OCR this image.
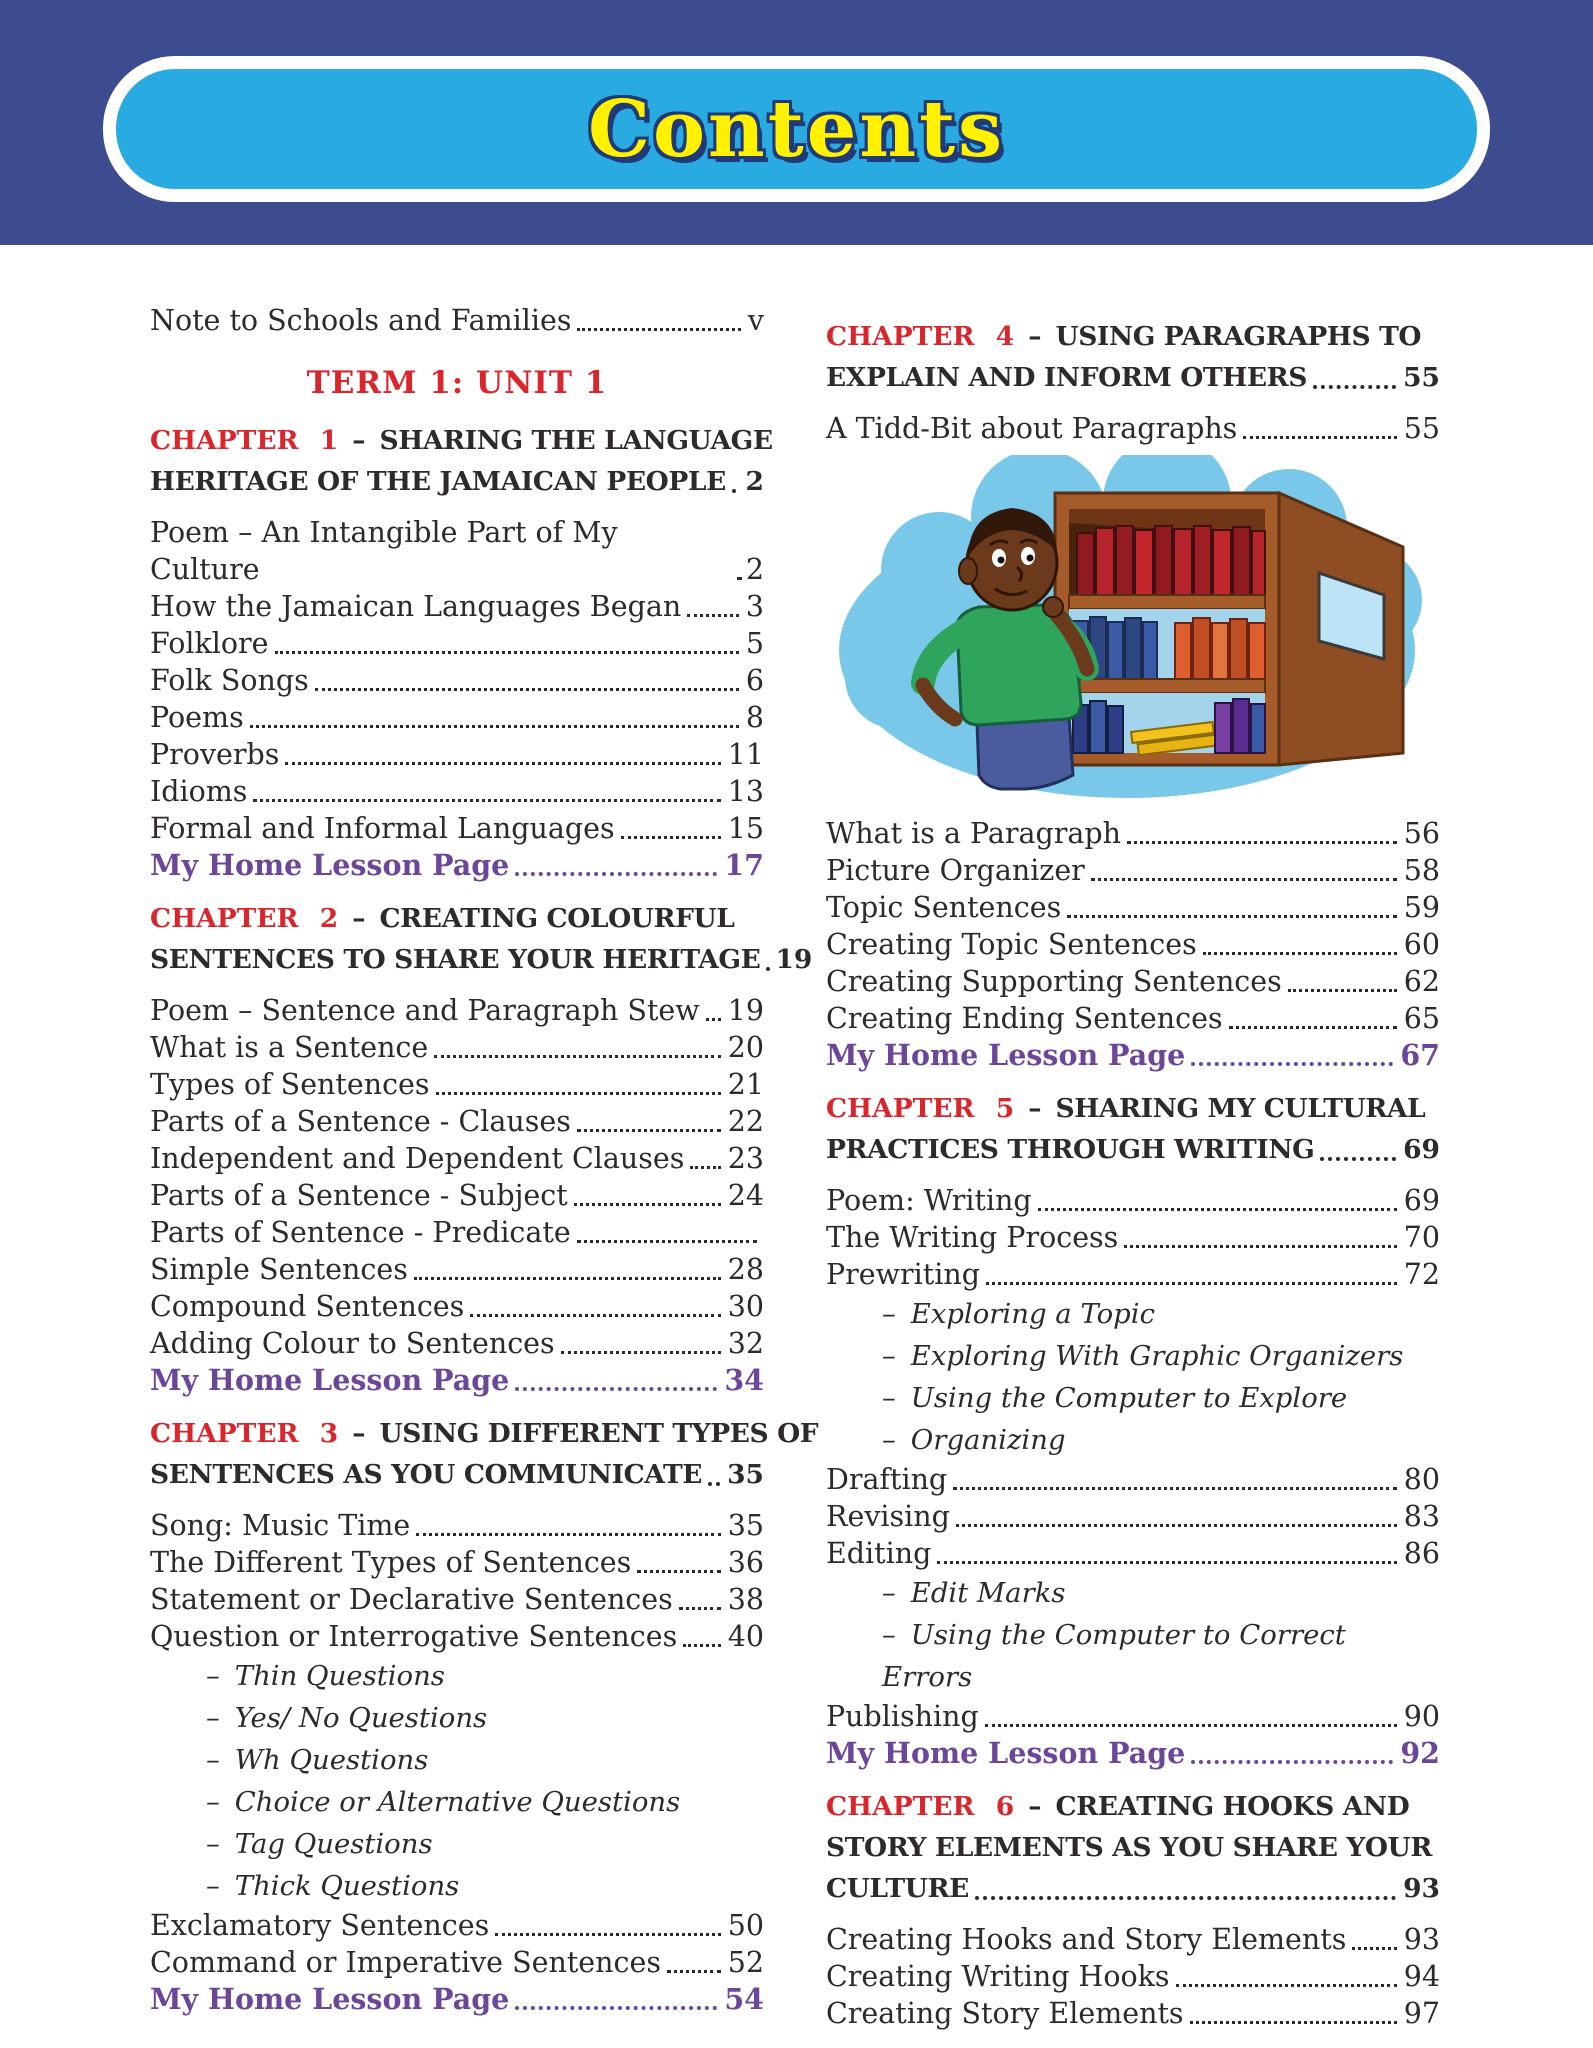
Contents
Note to Schools and Families	v
TERM 1: UNIT 1
CHAPTER 1 – SHARING THE LANGUAGE
HERITAGE OF THE JAMAICAN PEOPLE 2
Poem – An Intangible Part of My Culture	2
How the Jamaican Languages Began 3
Folklore	5
Folk Songs	6
Poems	8
Proverbs	11
Idioms	13
Formal and Informal Languages	15
My Home Lesson Page	17
CHAPTER 2 – CREATING COLOURFUL
SENTENCES TO SHARE YOUR HERITAGE 19
Poem – Sentence and Paragraph Stew 19
What is a Sentence	20
Types of Sentences	21
Parts of a Sentence - Clauses	22
Independent and Dependent Clauses 23
Parts of a Sentence - Subject	24
Parts of Sentence - Predicate
Simple Sentences	28
Compound Sentences	30
Adding Colour to Sentences	32
My Home Lesson Page	34
CHAPTER 3 – USING DIFFERENT TYPES OF
SENTENCES AS YOU COMMUNICATE 35
Song: Music Time	35
The Different Types of Sentences	36
Statement or Declarative Sentences 38
Question or Interrogative Sentences 40
– Thin Questions
– Yes/ No Questions
– Wh Questions
– Choice or Alternative Questions
– Tag Questions
– Thick Questions
Exclamatory Sentences	50
Command or Imperative Sentences 52
My Home Lesson Page	54
CHAPTER 4 – USING PARAGRAPHS TO
EXPLAIN AND INFORM OTHERS	55
A Tidd-Bit about Paragraphs	55
What is a Paragraph	56
Picture Organizer	58
Topic Sentences	59
Creating Topic Sentences	60
Creating Supporting Sentences	62
Creating Ending Sentences	65
My Home Lesson Page	67
CHAPTER 5 – SHARING MY CULTURAL
PRACTICES THROUGH WRITING	69
Poem: Writing	69
The Writing Process	70
Prewriting	72
– Exploring a Topic
– Exploring With Graphic Organizers
– Using the Computer to Explore
– Organizing
Drafting	80
Revising	83
Editing	86
– Edit Marks
– Using the Computer to Correct Errors
Publishing	90
My Home Lesson Page	92
CHAPTER 6 – CREATING HOOKS AND
STORY ELEMENTS AS YOU SHARE YOUR
CULTURE	93
Creating Hooks and Story Elements 93
Creating Writing Hooks	94
Creating Story Elements	97
